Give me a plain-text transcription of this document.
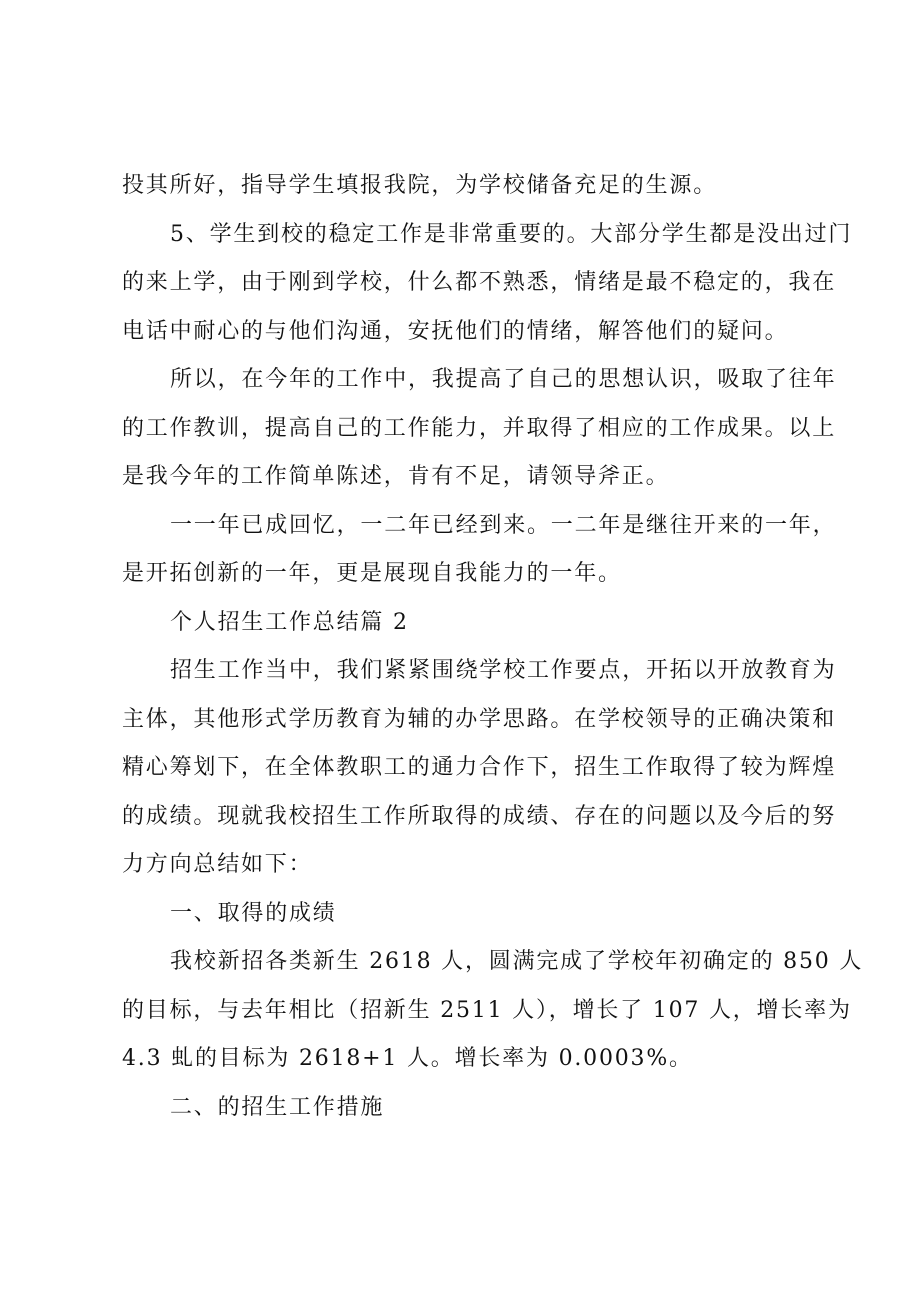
投其所好，指导学生填报我院，为学校储备充足的生源。
5、学生到校的稳定工作是非常重要的。大部分学生都是没出过门
的来上学，由于刚到学校，什么都不熟悉，情绪是最不稳定的，我在
电话中耐心的与他们沟通，安抚他们的情绪，解答他们的疑问。
所以，在今年的工作中，我提高了自己的思想认识，吸取了往年
的工作教训，提高自己的工作能力，并取得了相应的工作成果。以上
是我今年的工作简单陈述，肯有不足，请领导斧正。
一一年已成回忆，一二年已经到来。一二年是继往开来的一年，
是开拓创新的一年，更是展现自我能力的一年。
个人招生工作总结篇 2
招生工作当中，我们紧紧围绕学校工作要点，开拓以开放教育为
主体，其他形式学历教育为辅的办学思路。在学校领导的正确决策和
精心筹划下，在全体教职工的通力合作下，招生工作取得了较为辉煌
的成绩。现就我校招生工作所取得的成绩、存在的问题以及今后的努
力方向总结如下：
一、取得的成绩
我校新招各类新生 2618 人，圆满完成了学校年初确定的 850 人
的目标，与去年相比（招新生 2511 人），增长了 107 人，增长率为
4.3 虬的目标为 2618+1 人。增长率为 0.0003%。
二、的招生工作措施
